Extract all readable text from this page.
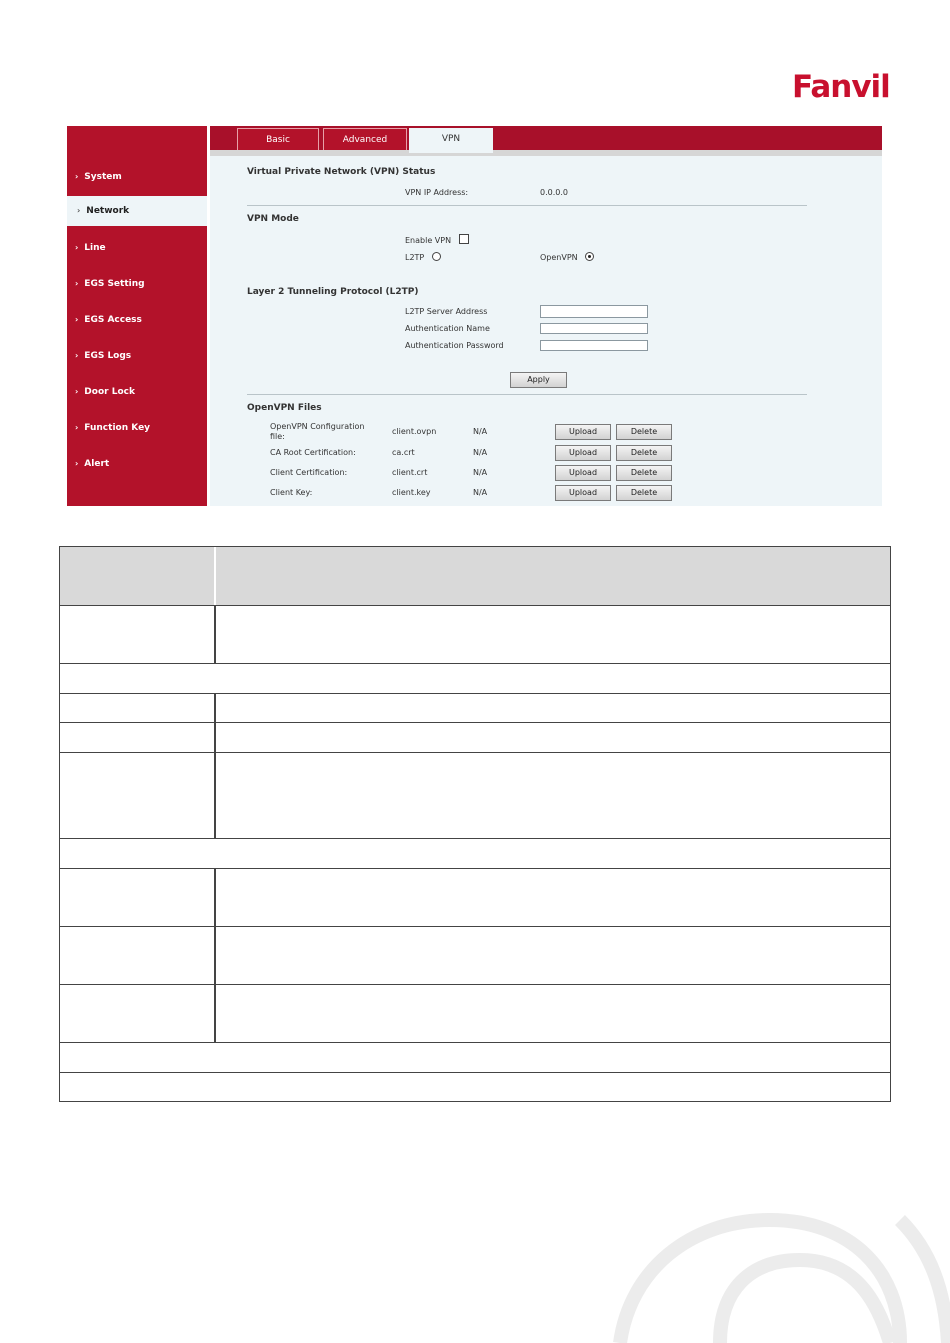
Fanvil
› System
› Network
› Line
› EGS Setting
› EGS Access
› EGS Logs
› Door Lock
› Function Key
› Alert
Basic	Advanced	VPN
Virtual Private Network (VPN) Status
VPN IP Address:	0.0.0.0
VPN Mode
Enable VPN
L2TP	OpenVPN
Layer 2 Tunneling Protocol (L2TP)
L2TP Server Address
Authentication Name
Authentication Password
Apply
OpenVPN Files
OpenVPN Configuration
file:
client.ovpn	N/A	Upload	Delete
CA Root Certification:	ca.crt	N/A	Upload	Delete
Client Certification:	client.crt	N/A	Upload	Delete
Client Key:	client.key	N/A	Upload	Delete
